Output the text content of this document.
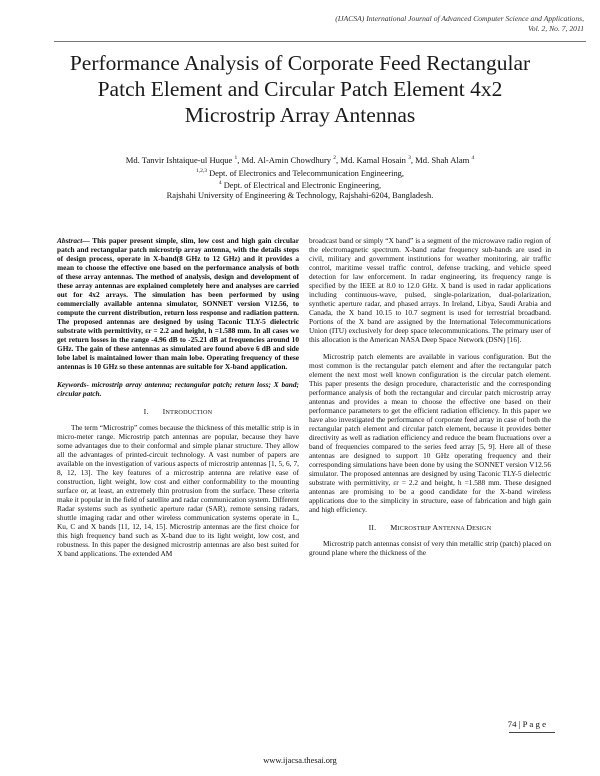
(IJACSA) International Journal of Advanced Computer Science and Applications,
Vol. 2, No. 7, 2011
Performance Analysis of Corporate Feed Rectangular
Patch Element and Circular Patch Element 4x2
Microstrip Array Antennas
Md. Tanvir Ishtaique-ul Huque $^1$, Md. Al-Amin Chowdhury $^2$, Md. Kamal Hosain $^3$, Md. Shah Alam $^4$
$^{1,2,3}$ Dept. of Electronics and Telecommunication Engineering,
$^4$ Dept. of Electrical and Electronic Engineering,
Rajshahi University of Engineering & Technology, Rajshahi-6204, Bangladesh.

Abstract— This paper present simple, slim, low cost and high gain circular patch and rectangular patch microstrip array antenna, with the details steps of design process, operate in X-band(8 GHz to 12 GHz) and it provides a mean to choose the effective one based on the performance analysis of both of these array antennas. The method of analysis, design and development of these array antennas are explained completely here and analyses are carried out for 4x2 arrays. The simulation has been performed by using commercially available antenna simulator, SONNET version V12.56, to compute the current distribution, return loss response and radiation pattern. The proposed antennas are designed by using Taconic TLY-5 dielectric substrate with permittivity, εr = 2.2 and height, h =1.588 mm. In all cases we get return losses in the range -4.96 dB to -25.21 dB at frequencies around 10 GHz. The gain of these antennas as simulated are found above 6 dB and side lobe label is maintained lower than main lobe. Operating frequency of these antennas is 10 GHz so these antennas are suitable for X-band application.

Keywords- microstrip array antenna; rectangular patch; return loss; X band; circular patch.

I. INTRODUCTION

The term “Microstrip” comes because the thickness of this metallic strip is in micro-meter range. Microstrip patch antennas are popular, because they have some advantages due to their conformal and simple planar structure. They allow all the advantages of printed-circuit technology. A vast number of papers are available on the investigation of various aspects of microstrip antennas [1, 5, 6, 7, 8, 12, 13]. The key features of a microstrip antenna are relative ease of construction, light weight, low cost and either conformability to the mounting surface or, at least, an extremely thin protrusion from the surface. These criteria make it popular in the field of satellite and radar communication system. Different Radar systems such as synthetic aperture radar (SAR), remote sensing radars, shuttle imaging radar and other wireless communication systems operate in L, Ku, C and X bands [11, 12, 14, 15]. Microstrip antennas are the first choice for this high frequency band such as X-band due to its light weight, low cost, and robustness. In this paper the designed microstrip antennas are also best suited for X band applications. The extended AM

broadcast band or simply “X band” is a segment of the microwave radio region of the electromagnetic spectrum. X-band radar frequency sub-bands are used in civil, military and government institutions for weather monitoring, air traffic control, maritime vessel traffic control, defense tracking, and vehicle speed detection for law enforcement. In radar engineering, its frequency range is specified by the IEEE at 8.0 to 12.0 GHz. X band is used in radar applications including continuous-wave, pulsed, single-polarization, dual-polarization, synthetic aperture radar, and phased arrays. In Ireland, Libya, Saudi Arabia and Canada, the X band 10.15 to 10.7 segment is used for terrestrial broadband. Portions of the X band are assigned by the International Telecommunications Union (ITU) exclusively for deep space telecommunications. The primary user of this allocation is the American NASA Deep Space Network (DSN) [16].

Microstrip patch elements are available in various configuration. But the most common is the rectangular patch element and after the rectangular patch element the next most well known configuration is the circular patch element. This paper presents the design procedure, characteristic and the corresponding performance analysis of both the rectangular and circular patch microstrip array antennas and provides a mean to choose the effective one based on their performance parameters to get the efficient radiation efficiency. In this paper we have also investigated the performance of corporate feed array in case of both the rectangular patch element and circular patch element, because it provides better directivity as well as radiation efficiency and reduce the beam fluctuations over a band of frequencies compared to the series feed array [5, 9]. Here all of these antennas are designed to support 10 GHz operating frequency and their corresponding simulations have been done by using the SONNET version V12.56 simulator. The proposed antennas are designed by using Taconic TLY-5 dielectric substrate with permittivity, εr = 2.2 and height, h =1.588 mm. These designed antennas are promising to be a good candidate for the X-band wireless applications due to the simplicity in structure, ease of fabrication and high gain and high efficiency.

II. MICROSTRIP ANTENNA DESIGN

Microstrip patch antennas consist of very thin metallic strip (patch) placed on ground plane where the thickness of the

74 | P a g e
www.ijacsa.thesai.org
